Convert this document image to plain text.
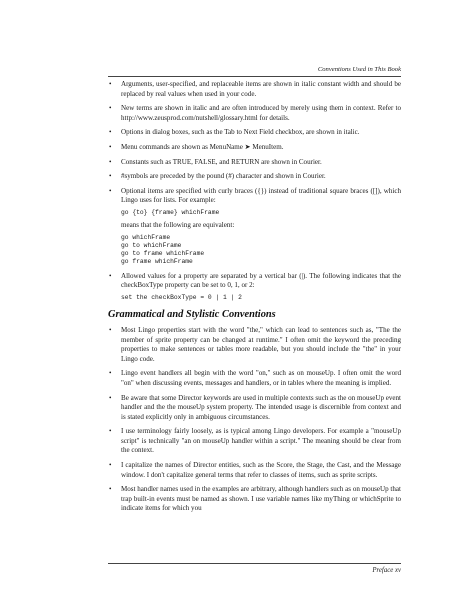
Conventions Used in This Book
• Arguments, user-specified, and replaceable items are shown in italic constant width and should be replaced by real values when used in your code.
• New terms are shown in italic and are often introduced by merely using them in context. Refer to http://www.zeusprod.com/nutshell/glossary.html for details.
• Options in dialog boxes, such as the Tab to Next Field checkbox, are shown in italic.
• Menu commands are shown as MenuName ➤ MenuItem.
• Constants such as TRUE, FALSE, and RETURN are shown in Courier.
• #symbols are preceded by the pound (#) character and shown in Courier.
• Optional items are specified with curly braces ({}) instead of traditional square braces ([]), which Lingo uses for lists. For example:
go {to} {frame} whichFrame
means that the following are equivalent:
go whichFrame
go to whichFrame
go to frame whichFrame
go frame whichFrame
• Allowed values for a property are separated by a vertical bar (|). The following indicates that the checkBoxType property can be set to 0, 1, or 2:
set the checkBoxType = 0 | 1 | 2
Grammatical and Stylistic Conventions
• Most Lingo properties start with the word "the," which can lead to sentences such as, "The the member of sprite property can be changed at runtime." I often omit the keyword the preceding properties to make sentences or tables more readable, but you should include the "the" in your Lingo code.
• Lingo event handlers all begin with the word "on," such as on mouseUp. I often omit the word "on" when discussing events, messages and handlers, or in tables where the meaning is implied.
• Be aware that some Director keywords are used in multiple contexts such as the on mouseUp event handler and the the mouseUp system property. The intended usage is discernible from context and is stated explicitly only in ambiguous circumstances.
• I use terminology fairly loosely, as is typical among Lingo developers. For example a "mouseUp script" is technically "an on mouseUp handler within a script." The meaning should be clear from the context.
• I capitalize the names of Director entities, such as the Score, the Stage, the Cast, and the Message window. I don't capitalize general terms that refer to classes of items, such as sprite scripts.
• Most handler names used in the examples are arbitrary, although handlers such as on mouseUp that trap built-in events must be named as shown. I use variable names like myThing or whichSprite to indicate items for which you
Preface xv
